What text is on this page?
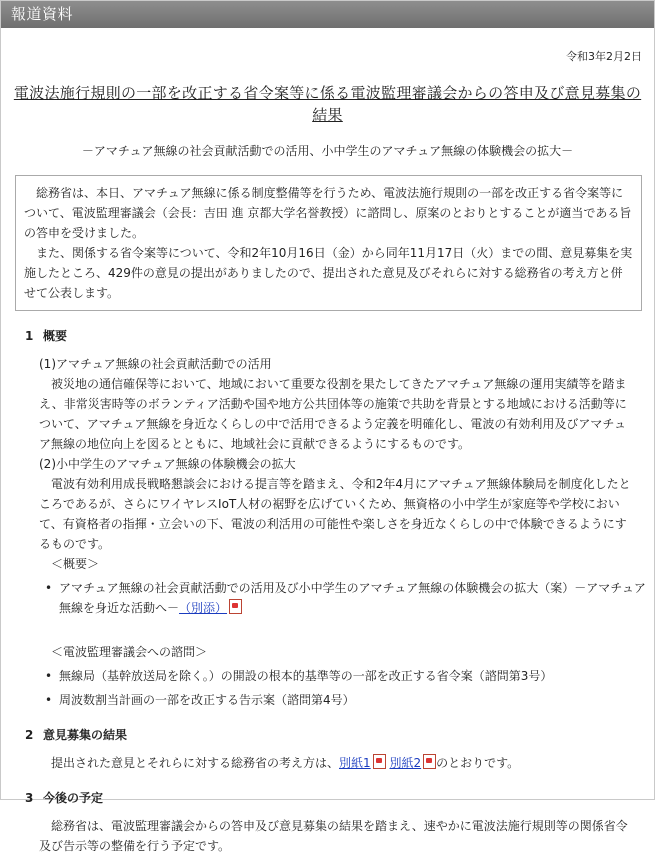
報道資料
令和3年2月2日
電波法施行規則の一部を改正する省令案等に係る電波監理審議会からの答申及び意見募集の結果
－アマチュア無線の社会貢献活動での活用、小中学生のアマチュア無線の体験機会の拡大－

総務省は、本日、アマチュア無線に係る制度整備等を行うため、電波法施行規則の一部を改正する省令案等について、電波監理審議会（会長：吉田 進 京都大学名誉教授）に諮問し、原案のとおりとすることが適当である旨の答申を受けました。

また、関係する省令案等について、令和2年10月16日（金）から同年11月17日（火）までの間、意見募集を実施したところ、429件の意見の提出がありましたので、提出された意見及びそれらに対する総務省の考え方と併せて公表します。

1 概要

(1)アマチュア無線の社会貢献活動での活用

被災地の通信確保等において、地域において重要な役割を果たしてきたアマチュア無線の運用実績等を踏まえ、非常災害時等のボランティア活動や国や地方公共団体等の施策で共助を背景とする地域における活動等について、アマチュア無線を身近なくらしの中で活用できるよう定義を明確化し、電波の有効利用及びアマチュア無線の地位向上を図るとともに、地域社会に貢献できるようにするものです。

(2)小中学生のアマチュア無線の体験機会の拡大

電波有効利用成長戦略懇談会における提言等を踏まえ、令和2年4月にアマチュア無線体験局を制度化したところであるが、さらにワイヤレスIoT人材の裾野を広げていくため、無資格の小中学生が家庭等や学校において、有資格者の指揮・立会いの下、電波の利活用の可能性や楽しさを身近なくらしの中で体験できるようにするものです。

＜概要＞

• アマチュア無線の社会貢献活動での活用及び小中学生のアマチュア無線の体験機会の拡大（案）－アマチュア無線を身近な活動へ－（別添）

＜電波監理審議会への諮問＞

• 無線局（基幹放送局を除く。）の開設の根本的基準等の一部を改正する省令案（諮問第3号）
• 周波数割当計画の一部を改正する告示案（諮問第4号）
2 意見募集の結果

提出された意見とそれらに対する総務省の考え方は、別紙1 別紙2 のとおりです。

3 今後の予定

総務省は、電波監理審議会からの答申及び意見募集の結果を踏まえ、速やかに電波法施行規則等の関係省令及び告示等の整備を行う予定です。
